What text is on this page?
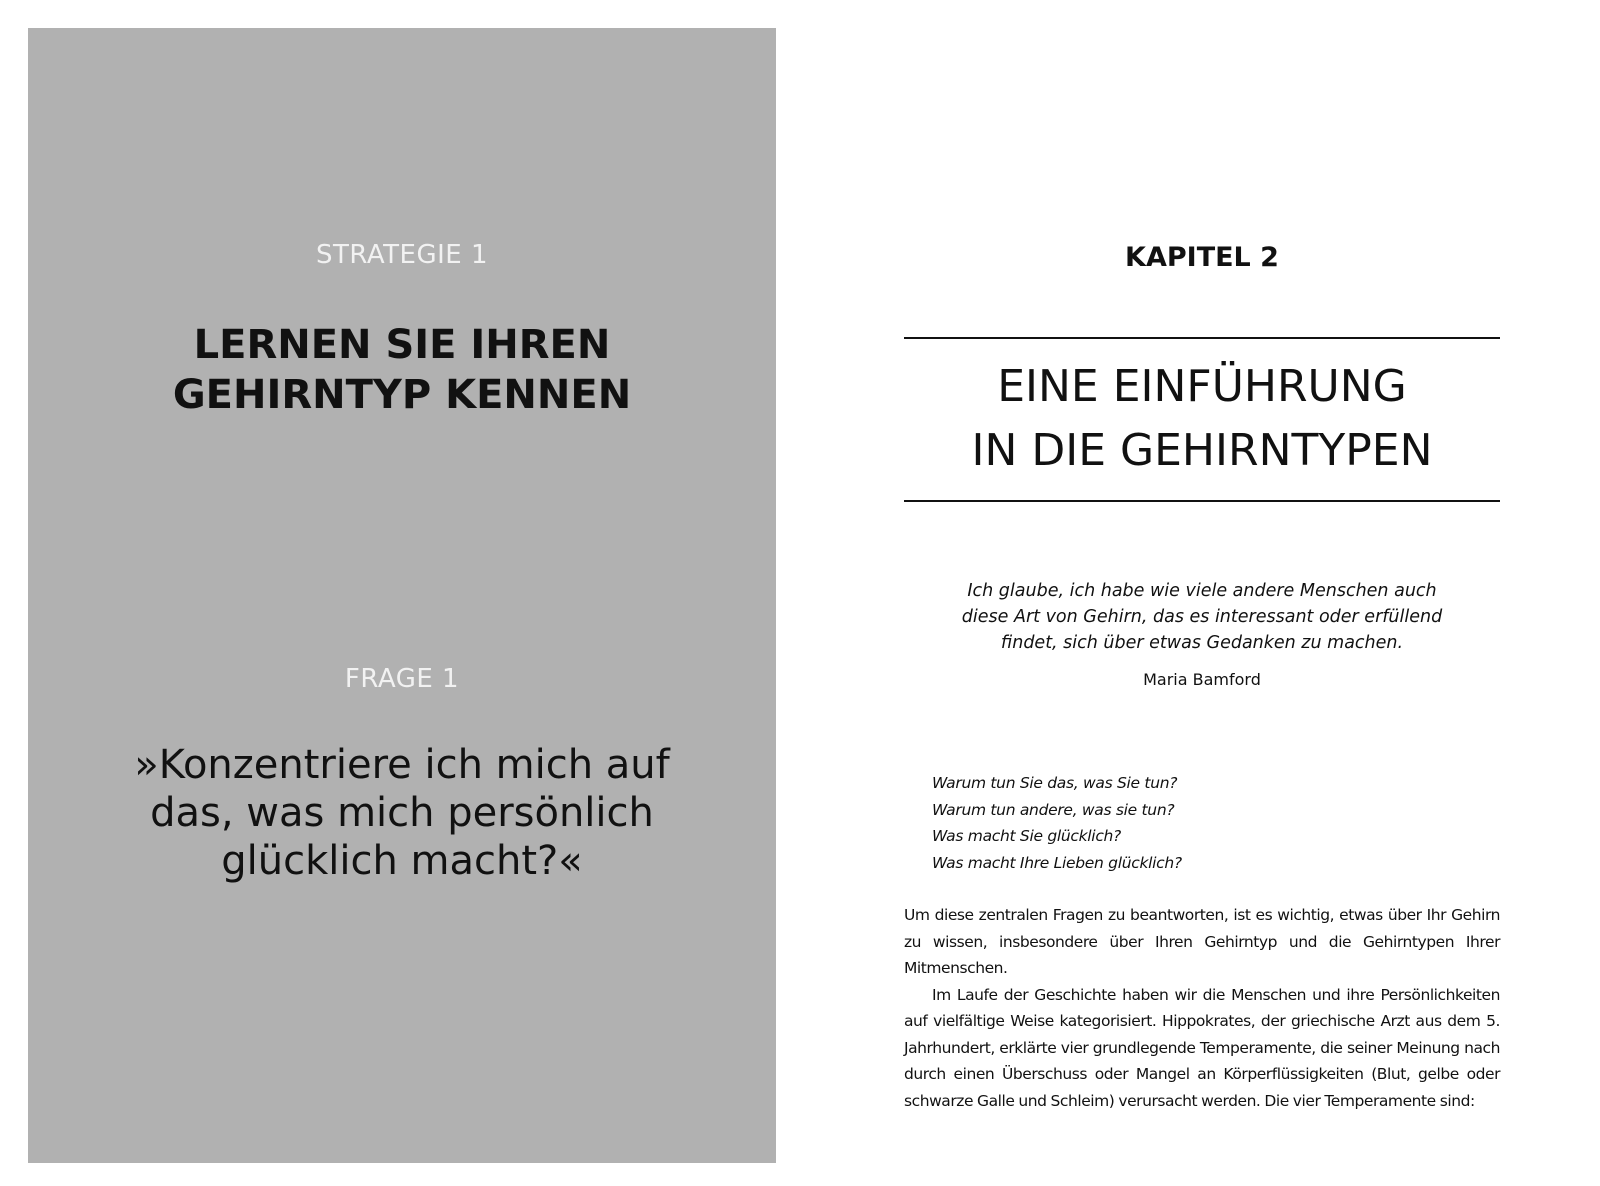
STRATEGIE 1
LERNEN SIE IHREN
GEHIRNTYP KENNEN
FRAGE 1
»Konzentriere ich mich auf
das, was mich persönlich
glücklich macht?«
KAPITEL 2
EINE EINFÜHRUNG
IN DIE GEHIRNTYPEN
Ich glaube, ich habe wie viele andere Menschen auch
diese Art von Gehirn, das es interessant oder erfüllend
findet, sich über etwas Gedanken zu machen.
Maria Bamford
Warum tun Sie das, was Sie tun?
Warum tun andere, was sie tun?
Was macht Sie glücklich?
Was macht Ihre Lieben glücklich?

Um diese zentralen Fragen zu beantworten, ist es wichtig, etwas über Ihr Gehirn zu wissen, insbesondere über Ihren Gehirntyp und die Gehirntypen Ihrer Mitmenschen.

Im Laufe der Geschichte haben wir die Menschen und ihre Persönlichkeiten auf vielfältige Weise kategorisiert. Hippokrates, der griechische Arzt aus dem 5. Jahrhundert, erklärte vier grundlegende Temperamente, die seiner Meinung nach durch einen Überschuss oder Mangel an Körperflüssigkeiten (Blut, gelbe oder schwarze Galle und Schleim) verursacht werden. Die vier Temperamente sind:
